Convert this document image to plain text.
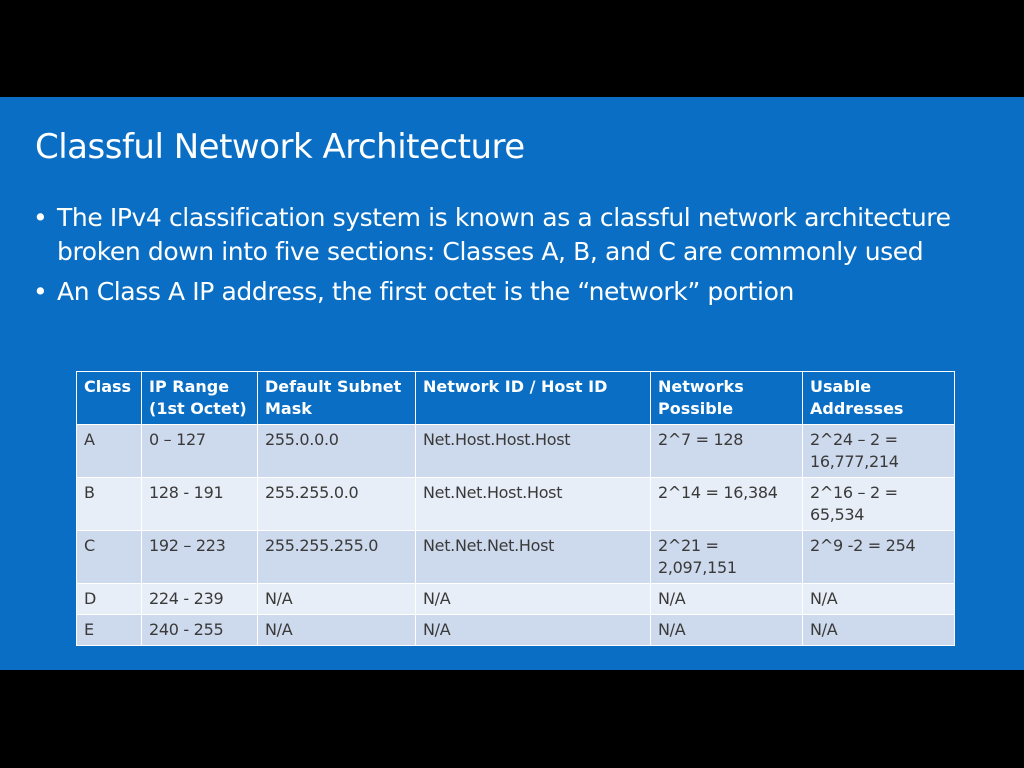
Classful Network Architecture
• The IPv4 classification system is known as a classful network architecture broken down into five sections: Classes A, B, and C are commonly used
• An Class A IP address, the first octet is the “network” portion
Class	IP Range (1st Octet)	Default Subnet Mask	Network ID / Host ID	Networks Possible	Usable Addresses
A	0 – 127	255.0.0.0	Net.Host.Host.Host	2^7 = 128	2^24 – 2 = 16,777,214
B	128 - 191	255.255.0.0	Net.Net.Host.Host	2^14 = 16,384	2^16 – 2 = 65,534
C	192 – 223	255.255.255.0	Net.Net.Net.Host	2^21 = 2,097,151	2^9 -2 = 254
D	224 - 239	N/A	N/A	N/A	N/A
E	240 - 255	N/A	N/A	N/A	N/A
